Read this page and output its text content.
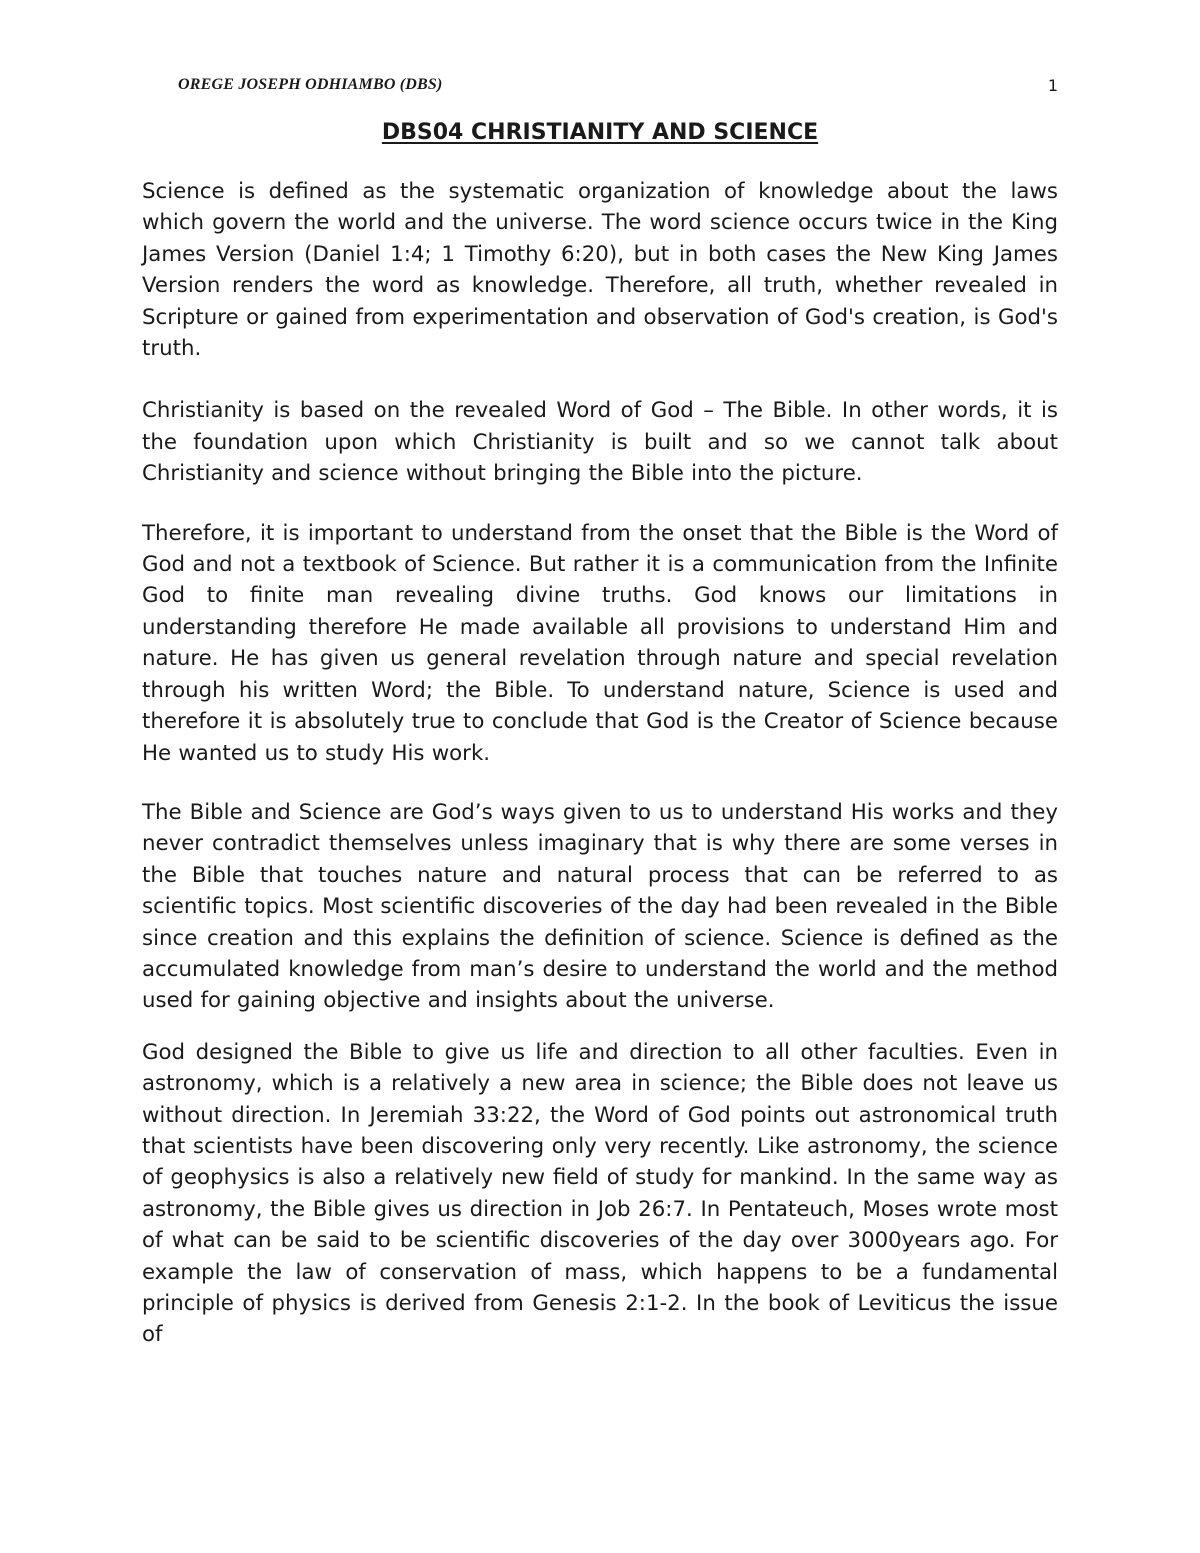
OREGE JOSEPH ODHIAMBO (DBS)	1
DBS04 CHRISTIANITY AND SCIENCE

Science is defined as the systematic organization of knowledge about the laws which govern the world and the universe. The word science occurs twice in the King James Version (Daniel 1:4; 1 Timothy 6:20), but in both cases the New King James Version renders the word as knowledge. Therefore, all truth, whether revealed in Scripture or gained from experimentation and observation of God's creation, is God's truth.

Christianity is based on the revealed Word of God – The Bible. In other words, it is the foundation upon which Christianity is built and so we cannot talk about Christianity and science without bringing the Bible into the picture.

Therefore, it is important to understand from the onset that the Bible is the Word of God and not a textbook of Science. But rather it is a communication from the Infinite God to finite man revealing divine truths. God knows our limitations in understanding therefore He made available all provisions to understand Him and nature. He has given us general revelation through nature and special revelation through his written Word; the Bible. To understand nature, Science is used and therefore it is absolutely true to conclude that God is the Creator of Science because He wanted us to study His work.

The Bible and Science are God’s ways given to us to understand His works and they never contradict themselves unless imaginary that is why there are some verses in the Bible that touches nature and natural process that can be referred to as scientific topics. Most scientific discoveries of the day had been revealed in the Bible since creation and this explains the definition of science. Science is defined as the accumulated knowledge from man’s desire to understand the world and the method used for gaining objective and insights about the universe.

God designed the Bible to give us life and direction to all other faculties. Even in astronomy, which is a relatively a new area in science; the Bible does not leave us without direction. In Jeremiah 33:22, the Word of God points out astronomical truth that scientists have been discovering only very recently. Like astronomy, the science of geophysics is also a relatively new field of study for mankind. In the same way as astronomy, the Bible gives us direction in Job 26:7. In Pentateuch, Moses wrote most of what can be said to be scientific discoveries of the day over 3000years ago. For example the law of conservation of mass, which happens to be a fundamental principle of physics is derived from Genesis 2:1-2. In the book of Leviticus the issue of
